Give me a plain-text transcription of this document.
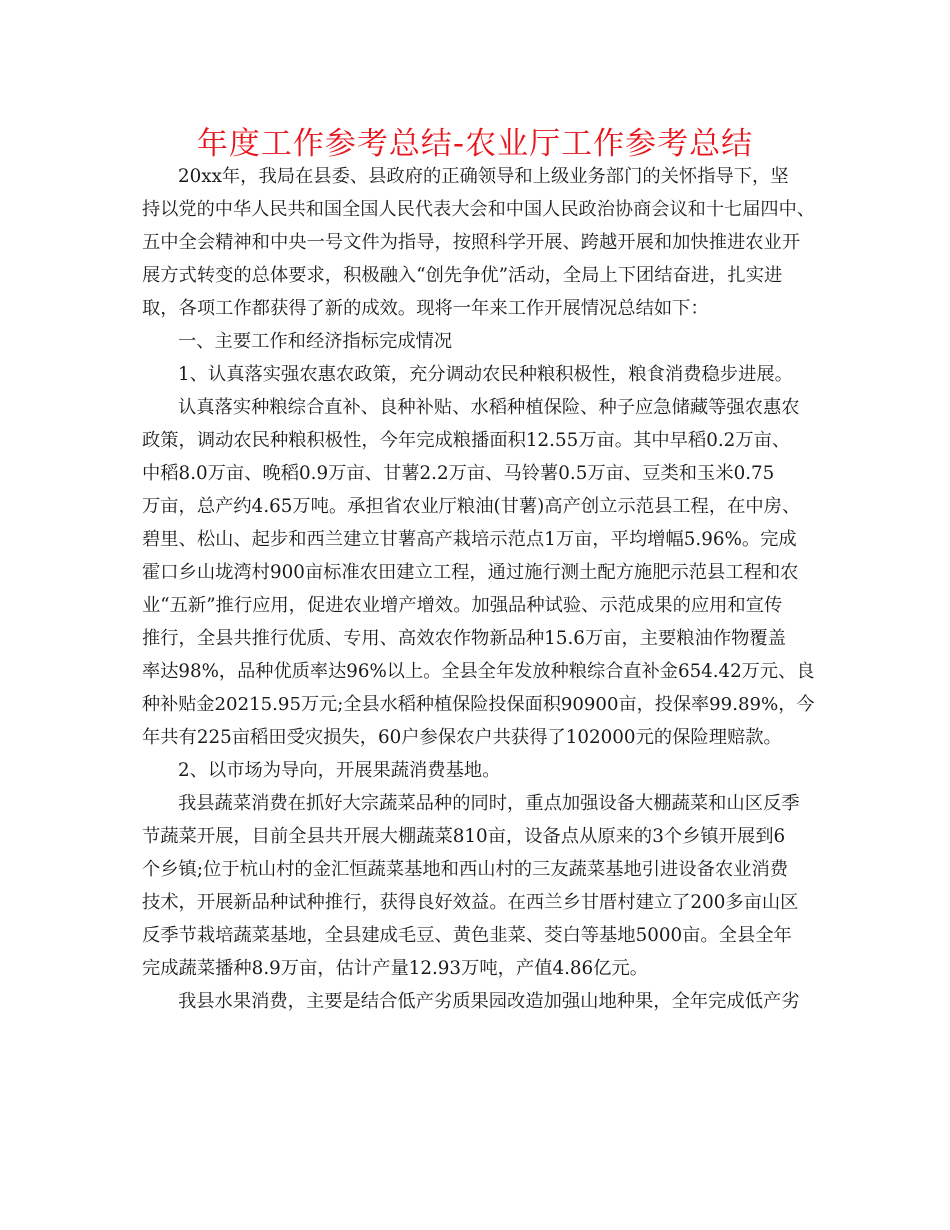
年度工作参考总结-农业厅工作参考总结
20xx年，我局在县委、县政府的正确领导和上级业务部门的关怀指导下，坚
持以党的中华人民共和国全国人民代表大会和中国人民政治协商会议和十七届四中、
五中全会精神和中央一号文件为指导，按照科学开展、跨越开展和加快推进农业开
展方式转变的总体要求，积极融入“创先争优”活动，全局上下团结奋进，扎实进
取，各项工作都获得了新的成效。现将一年来工作开展情况总结如下：
一、主要工作和经济指标完成情况
1、认真落实强农惠农政策，充分调动农民种粮积极性，粮食消费稳步进展。
认真落实种粮综合直补、良种补贴、水稻种植保险、种子应急储藏等强农惠农
政策，调动农民种粮积极性，今年完成粮播面积12.55万亩。其中早稻0.2万亩、
中稻8.0万亩、晚稻0.9万亩、甘薯2.2万亩、马铃薯0.5万亩、豆类和玉米0.75
万亩，总产约4.65万吨。承担省农业厅粮油(甘薯)高产创立示范县工程，在中房、
碧里、松山、起步和西兰建立甘薯高产栽培示范点1万亩，平均增幅5.96%。完成
霍口乡山垅湾村900亩标准农田建立工程，通过施行测土配方施肥示范县工程和农
业“五新”推行应用，促进农业增产增效。加强品种试验、示范成果的应用和宣传
推行，全县共推行优质、专用、高效农作物新品种15.6万亩，主要粮油作物覆盖
率达98%，品种优质率达96%以上。全县全年发放种粮综合直补金654.42万元、良
种补贴金20215.95万元;全县水稻种植保险投保面积90900亩，投保率99.89%，今
年共有225亩稻田受灾损失，60户参保农户共获得了102000元的保险理赔款。
2、以市场为导向，开展果蔬消费基地。
我县蔬菜消费在抓好大宗蔬菜品种的同时，重点加强设备大棚蔬菜和山区反季
节蔬菜开展，目前全县共开展大棚蔬菜810亩，设备点从原来的3个乡镇开展到6
个乡镇;位于杭山村的金汇恒蔬菜基地和西山村的三友蔬菜基地引进设备农业消费
技术，开展新品种试种推行，获得良好效益。在西兰乡甘厝村建立了200多亩山区
反季节栽培蔬菜基地，全县建成毛豆、黄色韭菜、茭白等基地5000亩。全县全年
完成蔬菜播种8.9万亩，估计产量12.93万吨，产值4.86亿元。
我县水果消费，主要是结合低产劣质果园改造加强山地种果，全年完成低产劣
